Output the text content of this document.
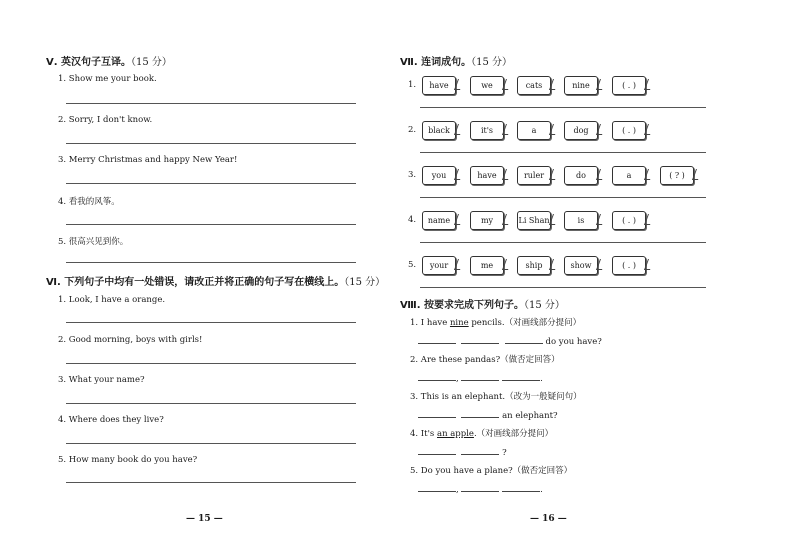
Ⅴ. 英汉句子互译。（15 分）
1. Show me your book.
2. Sorry, I don't know.
3. Merry Christmas and happy New Year!
4. 看我的风筝。
5. 很高兴见到你。
Ⅵ. 下列句子中均有一处错误，请改正并将正确的句子写在横线上。（15 分）
1. Look, I have a orange.
2. Good morning, boys with girls!
3. What your name?
4. Where does they live?
5. How many book do you have?
— 15 —
Ⅶ. 连词成句。（15 分）
1.	have	we	cats	nine	( . )
2.	black	it's	a	dog	( . )
3.	you	have	ruler	do	a	( ? )
4.	name	my	Li Shan	is	( . )
5.	your	me	ship	show	( . )
Ⅷ. 按要求完成下列句子。（15 分）
1. I have nine pencils.（对画线部分提问）
do you have?
2. Are these pandas?（做否定回答）
,	.
3. This is an elephant.（改为一般疑问句）
an elephant?
4. It's an apple.（对画线部分提问）
?
5. Do you have a plane?（做否定回答）
,	.
— 16 —
